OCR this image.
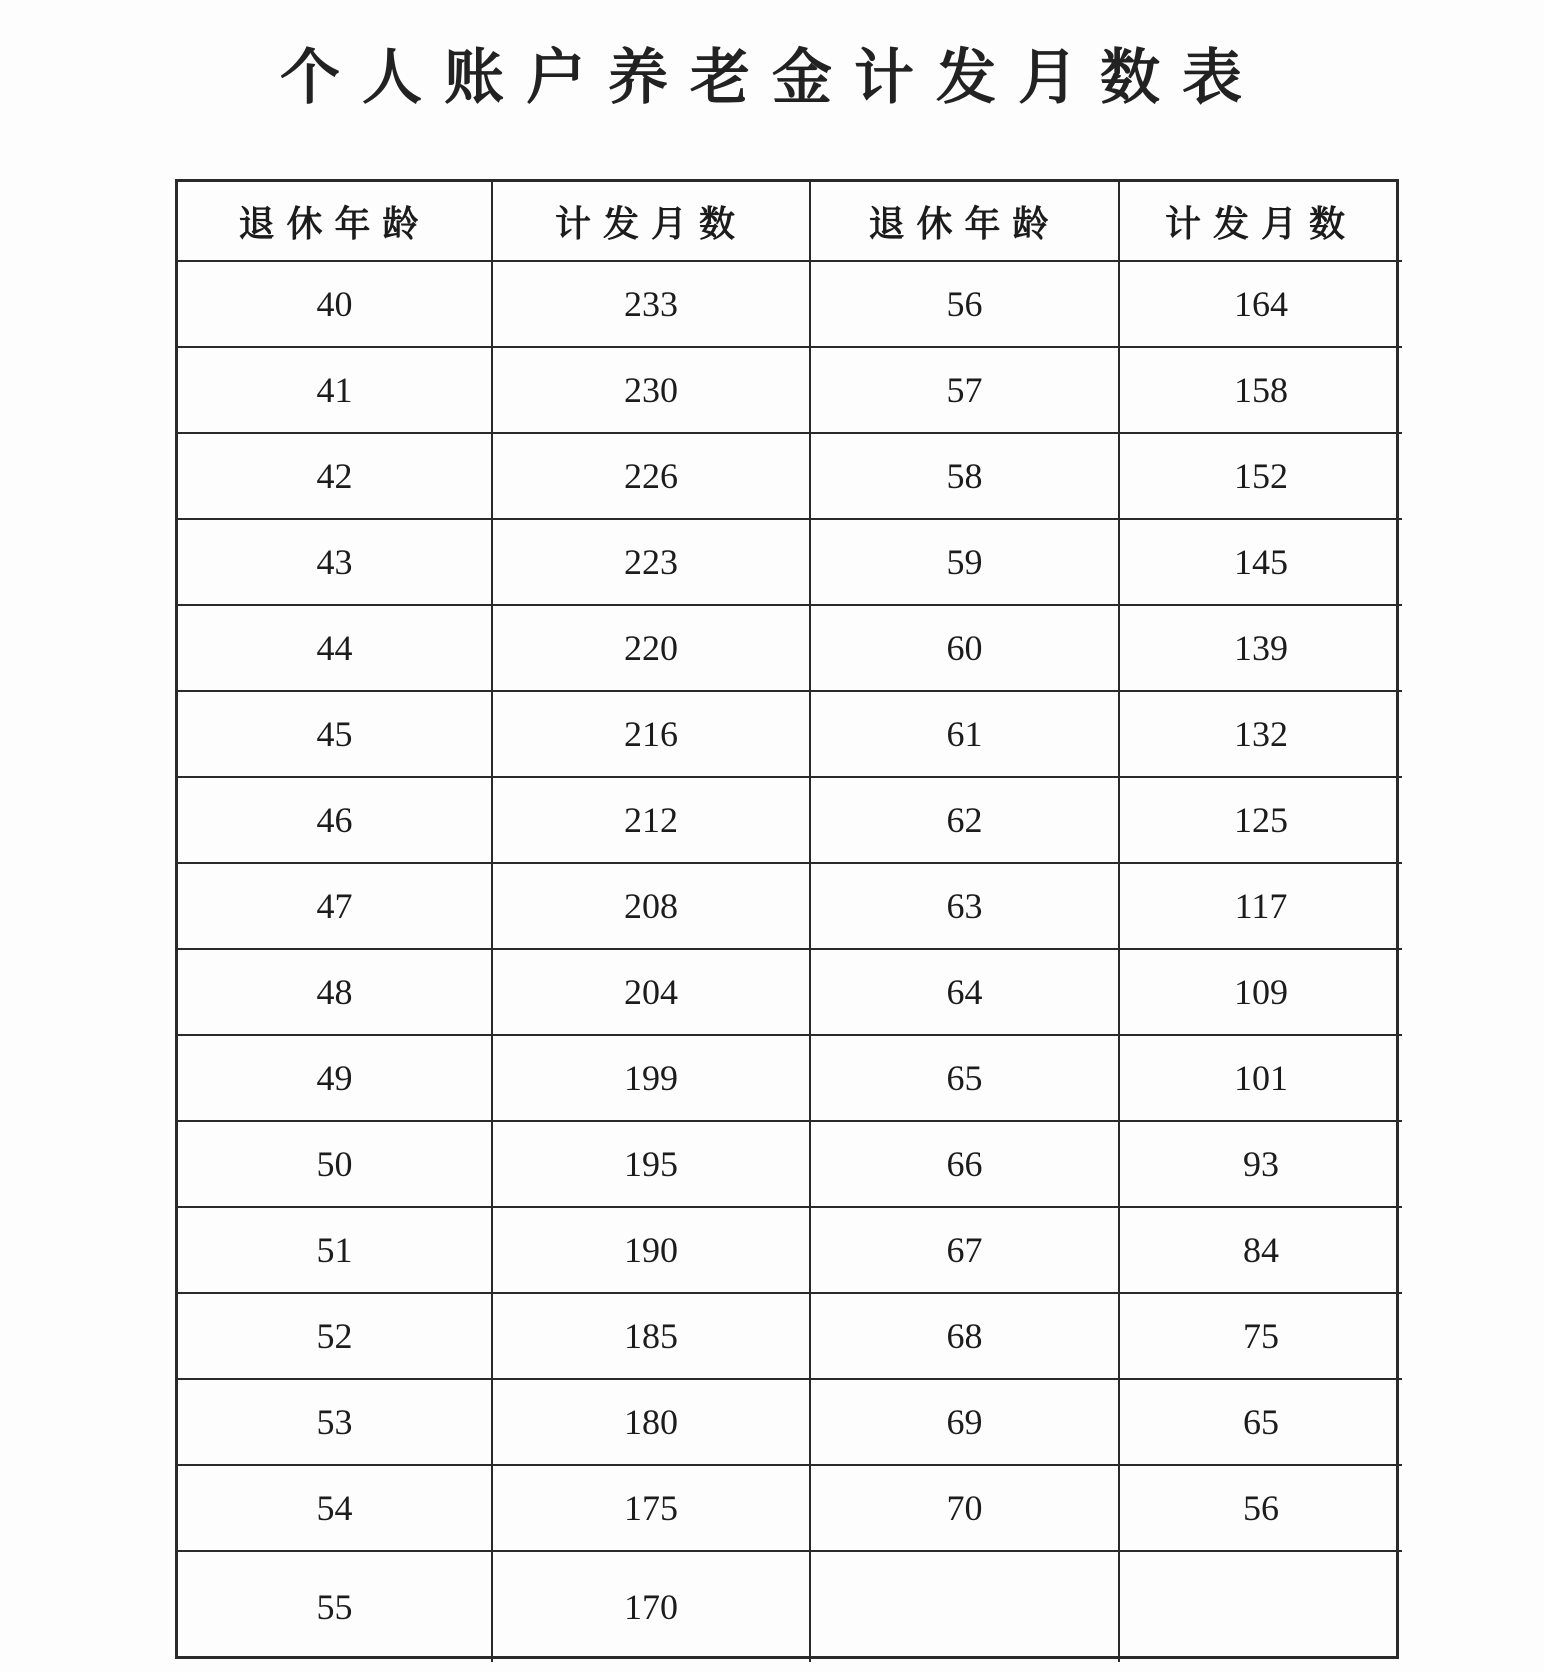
个人账户养老金计发月数表
退休年龄	计发月数	退休年龄	计发月数
40	233	56	164
41	230	57	158
42	226	58	152
43	223	59	145
44	220	60	139
45	216	61	132
46	212	62	125
47	208	63	117
48	204	64	109
49	199	65	101
50	195	66	93
51	190	67	84
52	185	68	75
53	180	69	65
54	175	70	56
55	170
